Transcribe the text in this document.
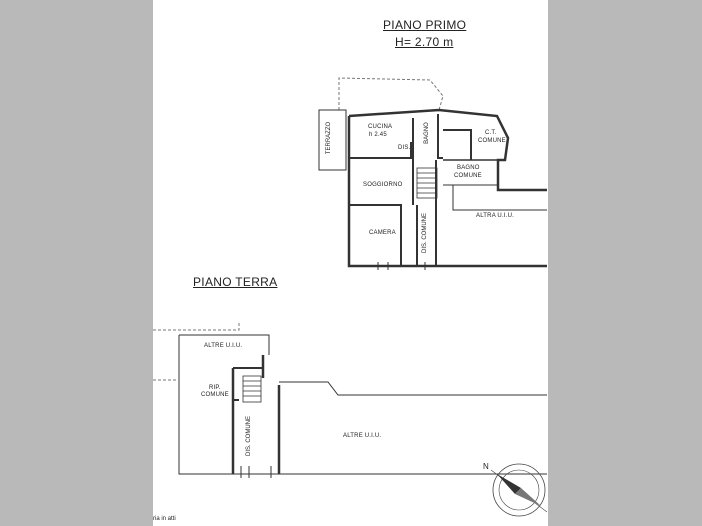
PIANO PRIMO
H= 2.70 m
TERRAZZO	CUCINA
h 2.45	BAGNO	C.T.
COMUNE
DIS.
BAGNO
COMUNE
SOGGIORNO
CAMERA	DIS. COMUNE	ALTRA U.I.U.
PIANO TERRA
ALTRE U.I.U.
RIP.
COMUNE
DIS. COMUNE	ALTRE U.I.U.
N
ria in atti
